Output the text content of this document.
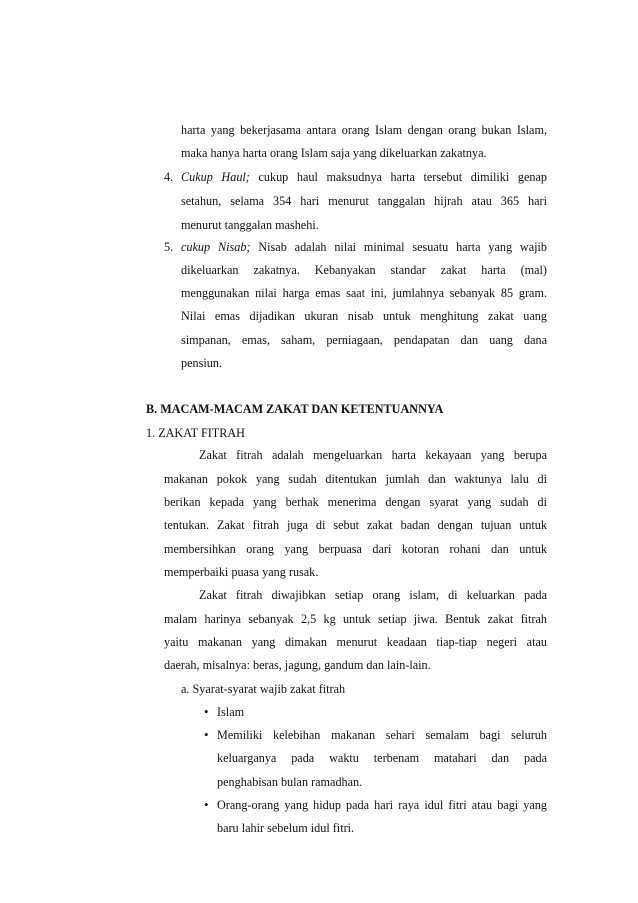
harta yang bekerjasama antara orang Islam dengan orang bukan Islam,
maka hanya harta orang Islam saja yang dikeluarkan zakatnya.
4. Cukup Haul; cukup haul maksudnya harta tersebut dimiliki genap
setahun, selama 354 hari menurut tanggalan hijrah atau 365 hari
menurut tanggalan mashehi.
5. cukup Nisab; Nisab adalah nilai minimal sesuatu harta yang wajib
dikeluarkan zakatnya. Kebanyakan standar zakat harta (mal)
menggunakan nilai harga emas saat ini, jumlahnya sebanyak 85 gram.
Nilai emas dijadikan ukuran nisab untuk menghitung zakat uang
simpanan, emas, saham, perniagaan, pendapatan dan uang dana
pensiun.
B. MACAM-MACAM ZAKAT DAN KETENTUANNYA
1. ZAKAT FITRAH
Zakat fitrah adalah mengeluarkan harta kekayaan yang berupa
makanan pokok yang sudah ditentukan jumlah dan waktunya lalu di
berikan kepada yang berhak menerima dengan syarat yang sudah di
tentukan. Zakat fitrah juga di sebut zakat badan dengan tujuan untuk
membersihkan orang yang berpuasa dari kotoran rohani dan untuk
memperbaiki puasa yang rusak.
Zakat fitrah diwajibkan setiap orang islam, di keluarkan pada
malam harinya sebanyak 2,5 kg untuk setiap jiwa. Bentuk zakat fitrah
yaitu makanan yang dimakan menurut keadaan tiap-tiap negeri atau
daerah, misalnya: beras, jagung, gandum dan lain-lain.
a. Syarat-syarat wajib zakat fitrah
• Islam
• Memiliki kelebihan makanan sehari semalam bagi seluruh
keluarganya pada waktu terbenam matahari dan pada
penghabisan bulan ramadhan.
• Orang-orang yang hidup pada hari raya idul fitri atau bagi yang
baru lahir sebelum idul fitri.
